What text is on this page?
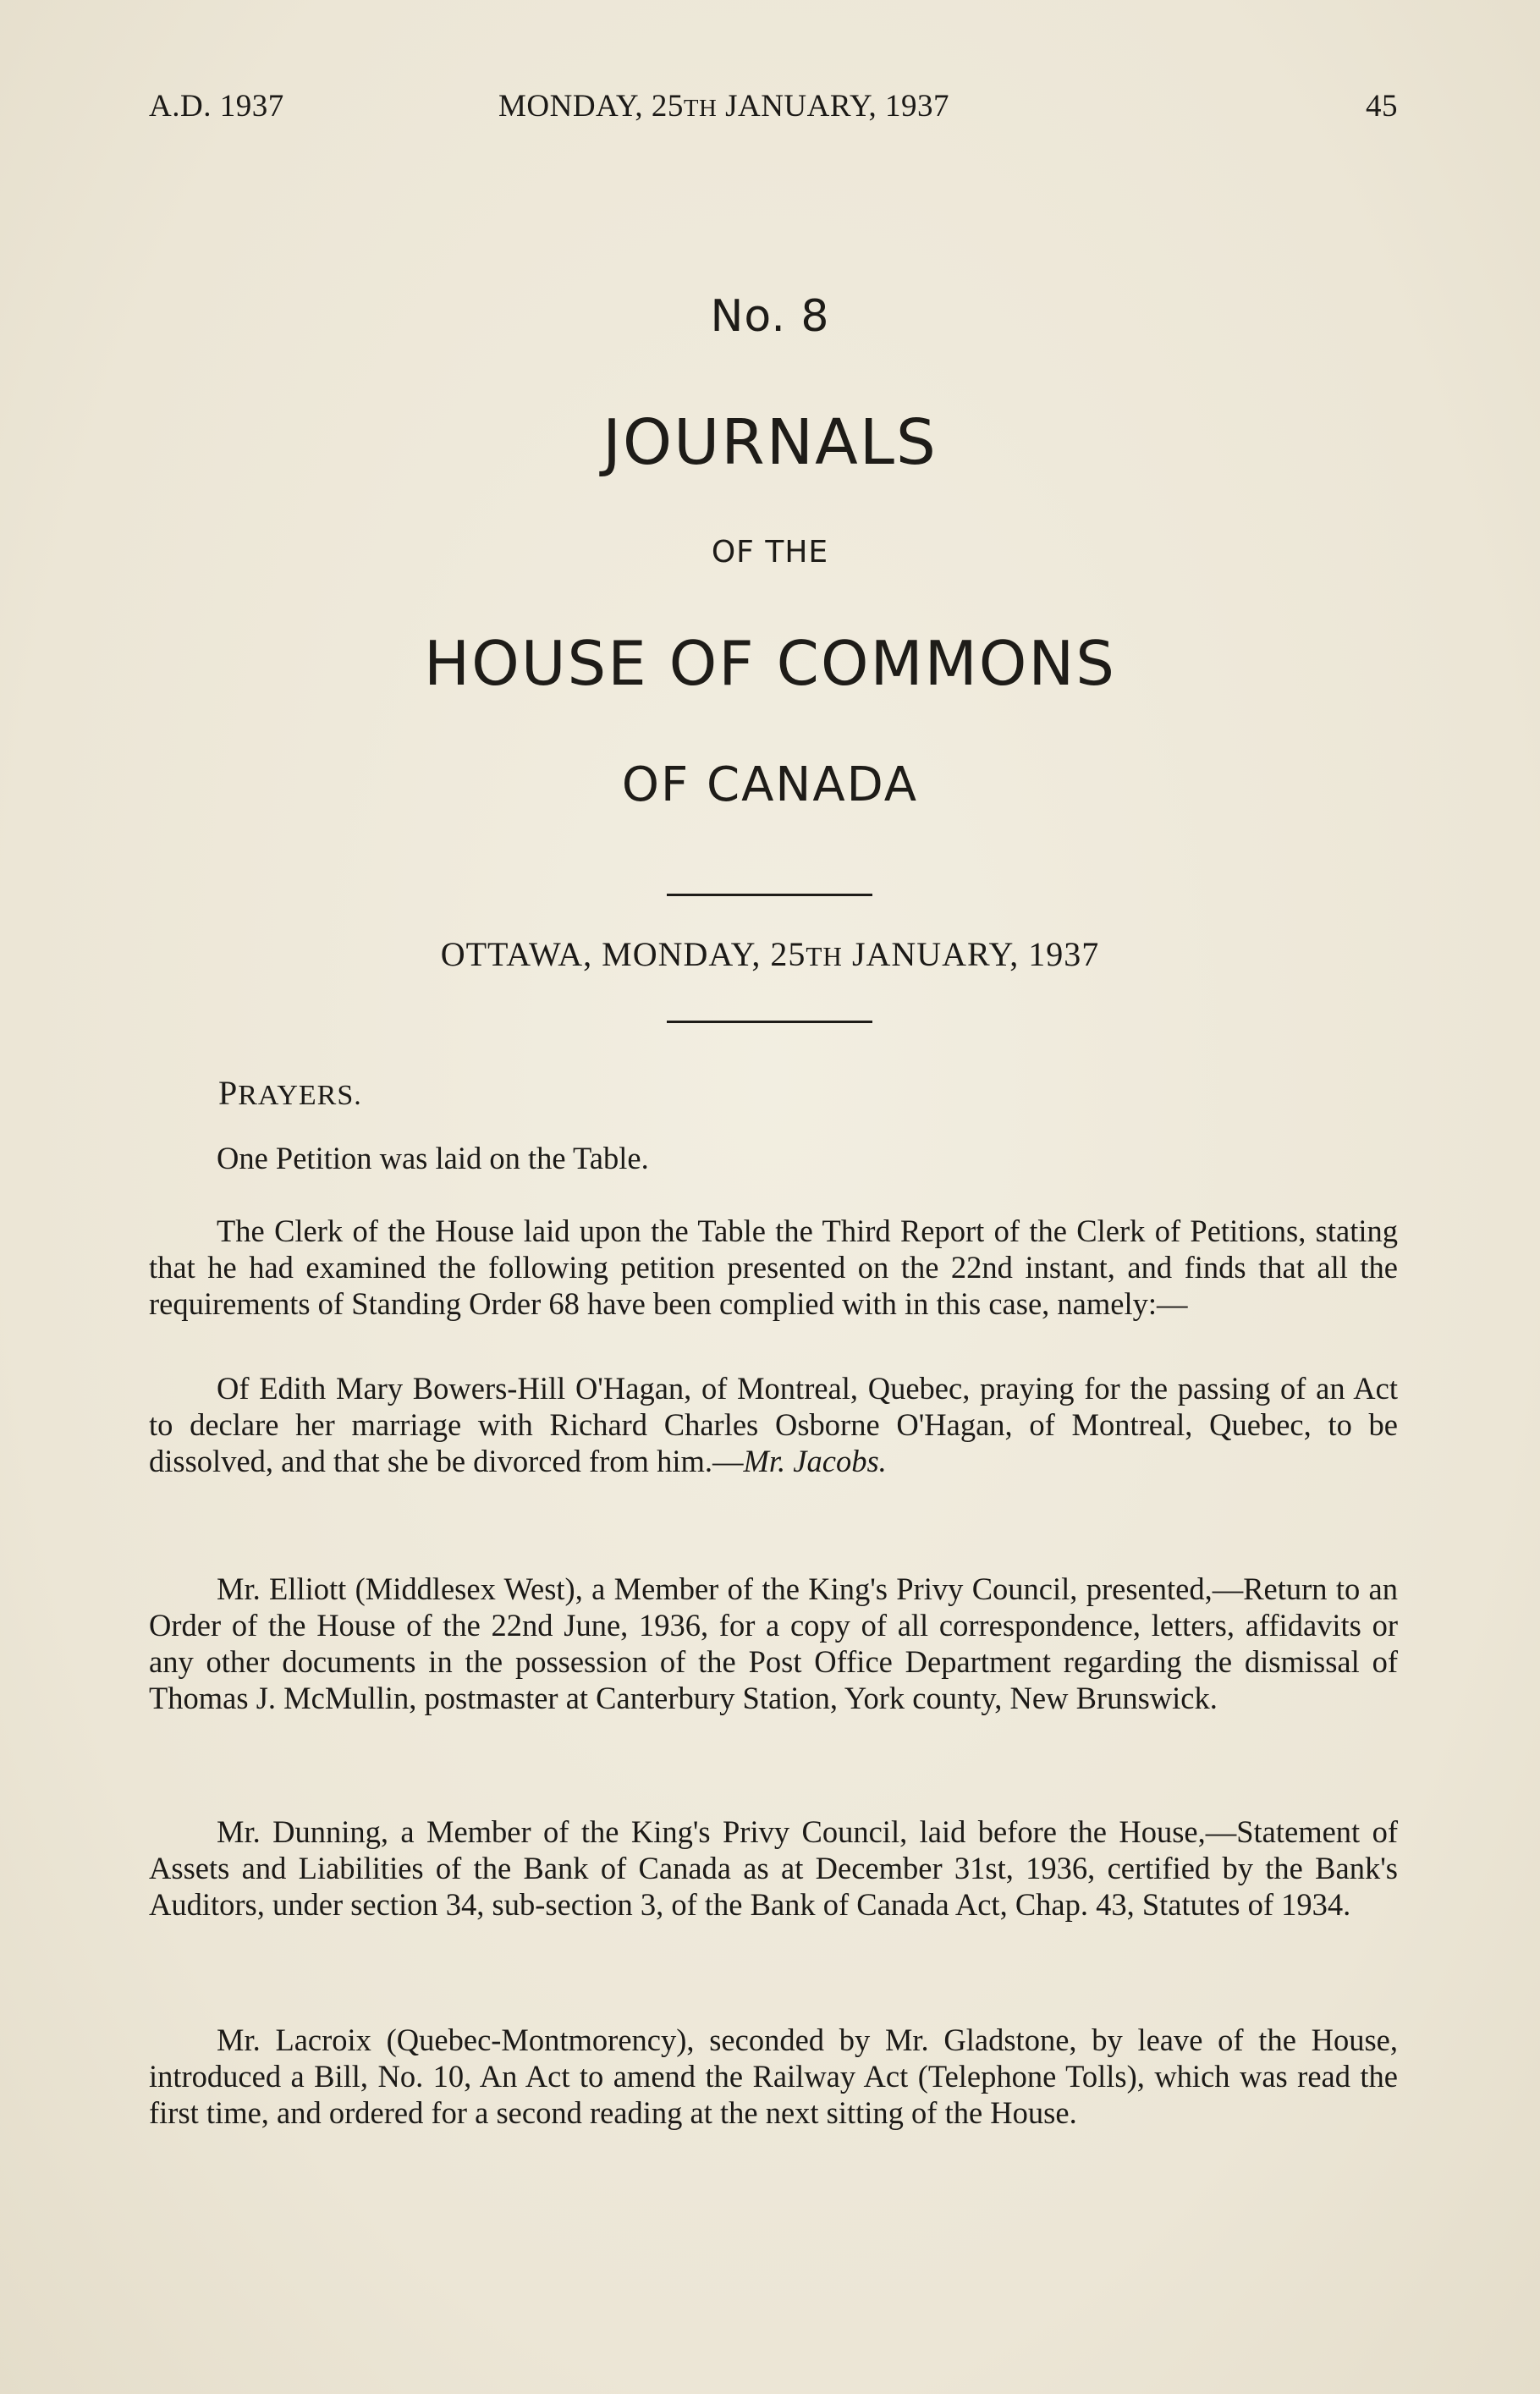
A.D. 1937	MONDAY, 25TH JANUARY, 1937	45
No. 8
JOURNALS
OF THE
HOUSE OF COMMONS
OF CANADA
OTTAWA, MONDAY, 25TH JANUARY, 1937
PRAYERS.

One Petition was laid on the Table.

The Clerk of the House laid upon the Table the Third Report of the Clerk of Petitions, stating that he had examined the following petition presented on the 22nd instant, and finds that all the requirements of Standing Order 68 have been complied with in this case, namely:—

Of Edith Mary Bowers-Hill O'Hagan, of Montreal, Quebec, praying for the passing of an Act to declare her marriage with Richard Charles Osborne O'Hagan, of Montreal, Quebec, to be dissolved, and that she be divorced from him.—Mr. Jacobs.

Mr. Elliott (Middlesex West), a Member of the King's Privy Council, presented,—Return to an Order of the House of the 22nd June, 1936, for a copy of all correspondence, letters, affidavits or any other documents in the possession of the Post Office Department regarding the dismissal of Thomas J. McMullin, postmaster at Canterbury Station, York county, New Brunswick.

Mr. Dunning, a Member of the King's Privy Council, laid before the House,—Statement of Assets and Liabilities of the Bank of Canada as at December 31st, 1936, certified by the Bank's Auditors, under section 34, sub-section 3, of the Bank of Canada Act, Chap. 43, Statutes of 1934.

Mr. Lacroix (Quebec-Montmorency), seconded by Mr. Gladstone, by leave of the House, introduced a Bill, No. 10, An Act to amend the Railway Act (Telephone Tolls), which was read the first time, and ordered for a second reading at the next sitting of the House.
